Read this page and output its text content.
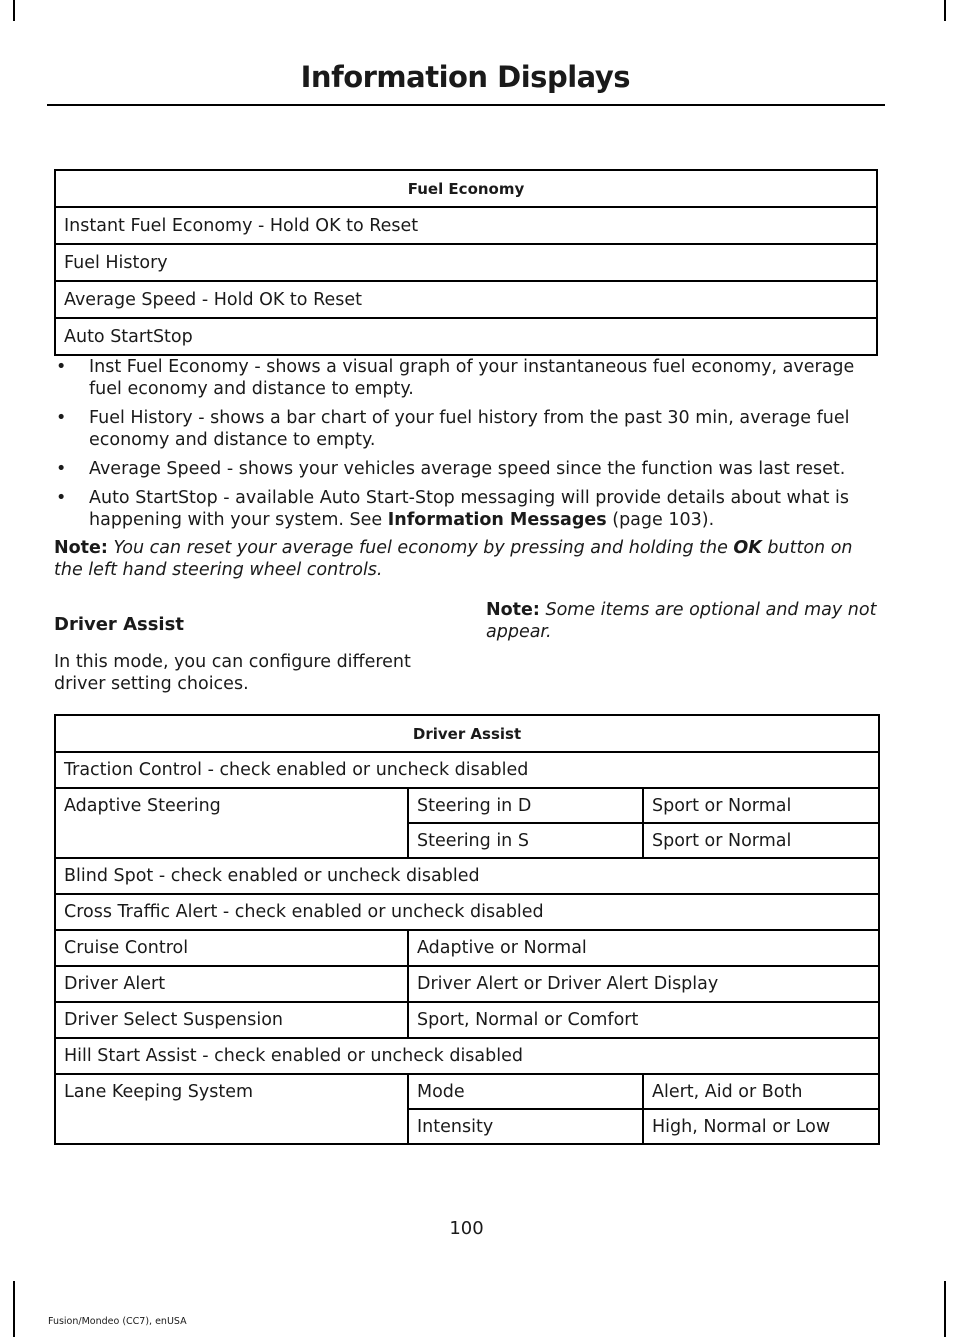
Information Displays
Fuel Economy
Instant Fuel Economy - Hold OK to Reset
Fuel History
Average Speed - Hold OK to Reset
Auto StartStop
• Inst Fuel Economy - shows a visual graph of your instantaneous fuel economy, average fuel economy and distance to empty.
• Fuel History - shows a bar chart of your fuel history from the past 30 min, average fuel economy and distance to empty.
• Average Speed - shows your vehicles average speed since the function was last reset.
• Auto StartStop - available Auto Start-Stop messaging will provide details about what is happening with your system. See Information Messages (page 103).
Note: You can reset your average fuel economy by pressing and holding the OK button on the left hand steering wheel controls.
Driver Assist
In this mode, you can configure different driver setting choices.
Note: Some items are optional and may not appear.
Driver Assist		
Traction Control - check enabled or uncheck disabled		
Adaptive Steering	Steering in D	Sport or Normal
	Steering in S	Sport or Normal
Blind Spot - check enabled or uncheck disabled		
Cross Traffic Alert - check enabled or uncheck disabled		
Cruise Control	Adaptive or Normal	
Driver Alert	Driver Alert or Driver Alert Display	
Driver Select Suspension	Sport, Normal or Comfort	
Hill Start Assist - check enabled or uncheck disabled		
Lane Keeping System	Mode	Alert, Aid or Both
	Intensity	High, Normal or Low
100
Fusion/Mondeo (CC7), enUSA
